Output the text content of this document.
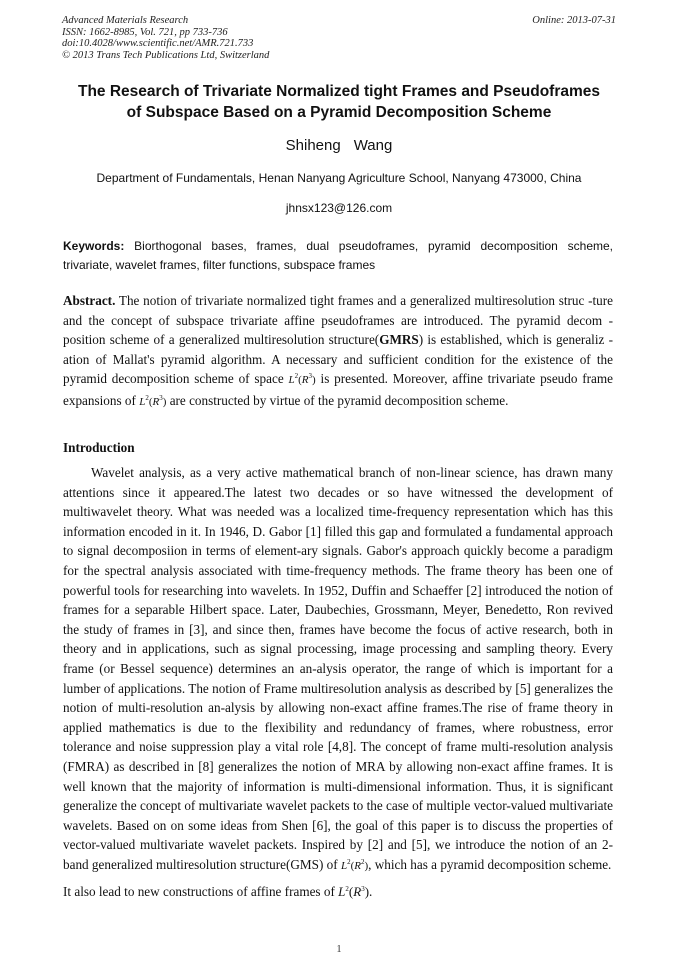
Advanced Materials Research
ISSN: 1662-8985, Vol. 721, pp 733-736
doi:10.4028/www.scientific.net/AMR.721.733
© 2013 Trans Tech Publications Ltd, Switzerland
Online: 2013-07-31
The Research of Trivariate Normalized tight Frames and Pseudoframes
of Subspace Based on a Pyramid Decomposition Scheme
Shiheng Wang
Department of Fundamentals, Henan Nanyang Agriculture School, Nanyang 473000, China
jhnsx123@126.com
Keywords: Biorthogonal bases, frames, dual pseudoframes, pyramid decomposition scheme, trivariate, wavelet frames, filter functions, subspace frames
Abstract. The notion of trivariate normalized tight frames and a generalized multiresolution struc -ture and the concept of subspace trivariate affine pseudoframes are introduced. The pyramid decom -position scheme of a generalized multiresolution structure(GMRS) is established, which is generaliz -ation of Mallat's pyramid algorithm. A necessary and sufficient condition for the existence of the pyramid decomposition scheme of space $L^2(R^3)$ is presented. Moreover, affine trivariate pseudo frame expansions of $L^2(R^3)$ are constructed by virtue of the pyramid decomposition scheme.
Introduction
Wavelet analysis, as a very active mathematical branch of non-linear science, has drawn many attentions since it appeared.The latest two decades or so have witnessed the development of multiwavelet theory. What was needed was a localized time-frequency representation which has this information encoded in it. In 1946, D. Gabor [1] filled this gap and formulated a fundamental approach to signal decomposiion in terms of element-ary signals. Gabor's approach quickly become a paradigm for the spectral analysis associated with time-frequency methods. The frame theory has been one of powerful tools for researching into wavelets. In 1952, Duffin and Schaeffer [2] introduced the notion of frames for a separable Hilbert space. Later, Daubechies, Grossmann, Meyer, Benedetto, Ron revived the study of frames in [3], and since then, frames have become the focus of active research, both in theory and in applications, such as signal processing, image processing and sampling theory. Every frame (or Bessel sequence) determines an an-alysis operator, the range of which is important for a lumber of applications. The notion of Frame multiresolution analysis as described by [5] generalizes the notion of multi-resolution an-alysis by allowing non-exact affine frames.The rise of frame theory in applied mathematics is due to the flexibility and redundancy of frames, where robustness, error tolerance and noise suppression play a vital role [4,8]. The concept of frame multi-resolution analysis (FMRA) as described in [8] generalizes the notion of MRA by allowing non-exact affine frames. It is well known that the majority of information is multi-dimensional information. Thus, it is significant generalize the concept of multivariate wavelet packets to the case of multiple vector-valued multivariate wavelets. Based on on some ideas from Shen [6], the goal of this paper is to discuss the properties of vector-valued multivariate wavelet packets. Inspired by [2] and [5], we introduce the notion of an 2-band generalized multiresolution structure(GMS) of $L^2(R^2)$, which has a pyramid decomposition scheme.
It also lead to new constructions of affine frames of $L^2(R^3)$.
1
